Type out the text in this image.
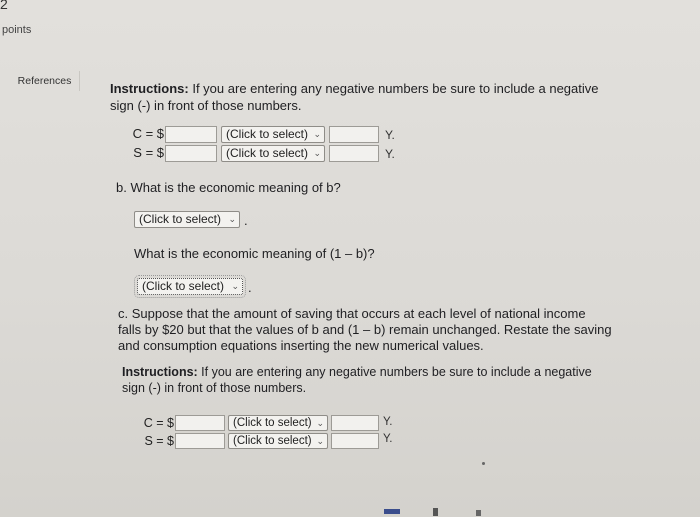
2
points
References	Instructions: If you are entering any negative numbers be sure to include a negative
sign (-) in front of those numbers.
C = $
S = $
(Click to select) ⌄
(Click to select) ⌄
Y.
Y.
b. What is the economic meaning of b?
(Click to select) ⌄ .
What is the economic meaning of (1 – b)?
(Click to select) ⌄ .
c. Suppose that the amount of saving that occurs at each level of national income
falls by $20 but that the values of b and (1 – b) remain unchanged. Restate the saving
and consumption equations inserting the new numerical values.
Instructions: If you are entering any negative numbers be sure to include a negative
sign (-) in front of those numbers.
C = $
S = $
(Click to select) ⌄
(Click to select) ⌄
Y.
Y.
